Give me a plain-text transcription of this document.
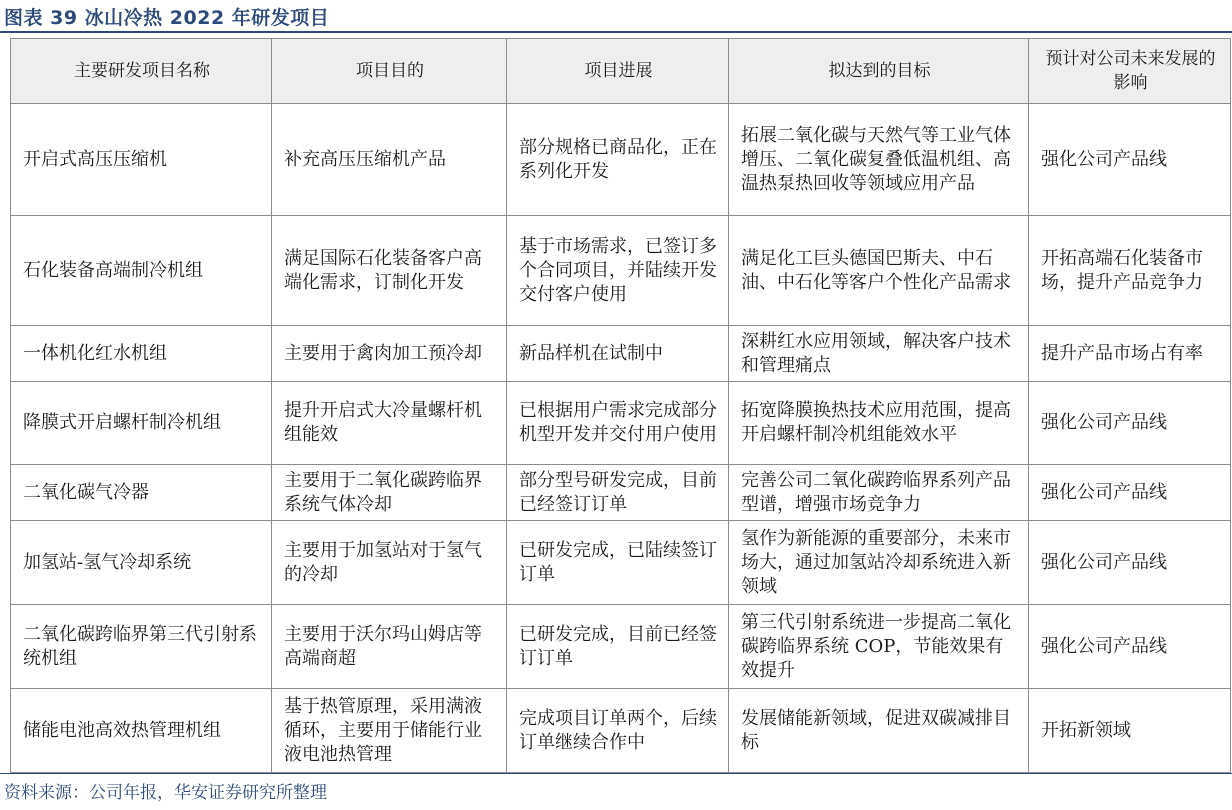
图表 39 冰山冷热 2022 年研发项目
主要研发项目名称	项目目的	项目进展	拟达到的目标	预计对公司未来发展的影响
开启式高压压缩机	补充高压压缩机产品	部分规格已商品化，正在系列化开发	拓展二氧化碳与天然气等工业气体增压、二氧化碳复叠低温机组、高温热泵热回收等领域应用产品	强化公司产品线
石化装备高端制冷机组	满足国际石化装备客户高端化需求，订制化开发	基于市场需求，已签订多个合同项目，并陆续开发交付客户使用	满足化工巨头德国巴斯夫、中石油、中石化等客户个性化产品需求	开拓高端石化装备市场，提升产品竞争力
一体机化红水机组	主要用于禽肉加工预冷却	新品样机在试制中	深耕红水应用领域，解决客户技术和管理痛点	提升产品市场占有率
降膜式开启螺杆制冷机组	提升开启式大冷量螺杆机组能效	已根据用户需求完成部分机型开发并交付用户使用	拓宽降膜换热技术应用范围，提高开启螺杆制冷机组能效水平	强化公司产品线
二氧化碳气冷器	主要用于二氧化碳跨临界系统气体冷却	部分型号研发完成，目前已经签订订单	完善公司二氧化碳跨临界系列产品型谱，增强市场竞争力	强化公司产品线
加氢站-氢气冷却系统	主要用于加氢站对于氢气的冷却	已研发完成，已陆续签订订单	氢作为新能源的重要部分，未来市场大，通过加氢站冷却系统进入新领域	强化公司产品线
二氧化碳跨临界第三代引射系统机组	主要用于沃尔玛山姆店等高端商超	已研发完成，目前已经签订订单	第三代引射系统进一步提高二氧化碳跨临界系统 COP，节能效果有效提升	强化公司产品线
储能电池高效热管理机组	基于热管原理，采用满液循环，主要用于储能行业液电池热管理	完成项目订单两个，后续订单继续合作中	发展储能新领域，促进双碳减排目标	开拓新领域
资料来源：公司年报，华安证券研究所整理
